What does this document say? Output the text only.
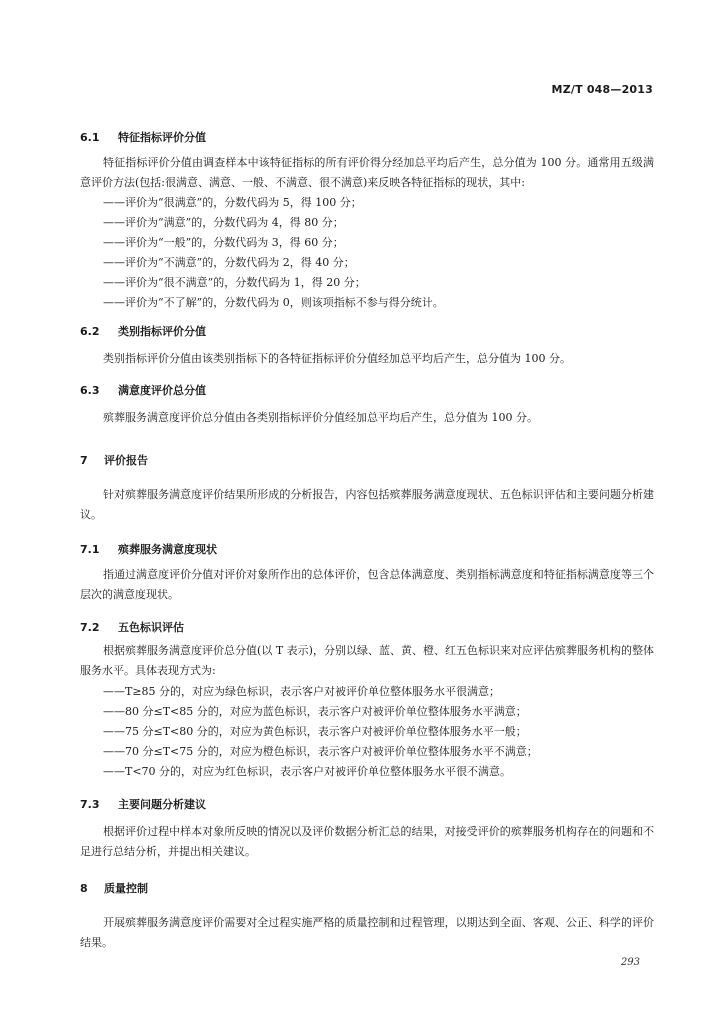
MZ/T 048—2013
6.1 特征指标评价分值

特征指标评价分值由调查样本中该特征指标的所有评价得分经加总平均后产生，总分值为 100 分。通常用五级满意评价方法(包括:很满意、满意、一般、不满意、很不满意)来反映各特征指标的现状，其中:

——评价为“很满意”的，分数代码为 5，得 100 分；

——评价为“满意”的，分数代码为 4，得 80 分；

——评价为“一般”的，分数代码为 3，得 60 分；

——评价为“不满意”的，分数代码为 2，得 40 分；

——评价为“很不满意”的，分数代码为 1，得 20 分；

——评价为“不了解”的，分数代码为 0，则该项指标不参与得分统计。

6.2 类别指标评价分值

类别指标评价分值由该类别指标下的各特征指标评价分值经加总平均后产生，总分值为 100 分。

6.3 满意度评价总分值

殡葬服务满意度评价总分值由各类别指标评价分值经加总平均后产生，总分值为 100 分。

7 评价报告

针对殡葬服务满意度评价结果所形成的分析报告，内容包括殡葬服务满意度现状、五色标识评估和主要问题分析建议。

7.1 殡葬服务满意度现状

指通过满意度评价分值对评价对象所作出的总体评价，包含总体满意度、类别指标满意度和特征指标满意度等三个层次的满意度现状。

7.2 五色标识评估

根据殡葬服务满意度评价总分值(以 T 表示)，分别以绿、蓝、黄、橙、红五色标识来对应评估殡葬服务机构的整体服务水平。具体表现方式为:

——T≥85 分的，对应为绿色标识，表示客户对被评价单位整体服务水平很满意；

——80 分≤T<85 分的，对应为蓝色标识，表示客户对被评价单位整体服务水平满意；

——75 分≤T<80 分的，对应为黄色标识，表示客户对被评价单位整体服务水平一般；

——70 分≤T<75 分的，对应为橙色标识，表示客户对被评价单位整体服务水平不满意；

——T<70 分的，对应为红色标识，表示客户对被评价单位整体服务水平很不满意。

7.3 主要问题分析建议

根据评价过程中样本对象所反映的情况以及评价数据分析汇总的结果，对接受评价的殡葬服务机构存在的问题和不足进行总结分析，并提出相关建议。

8 质量控制

开展殡葬服务满意度评价需要对全过程实施严格的质量控制和过程管理，以期达到全面、客观、公正、科学的评价结果。

293
